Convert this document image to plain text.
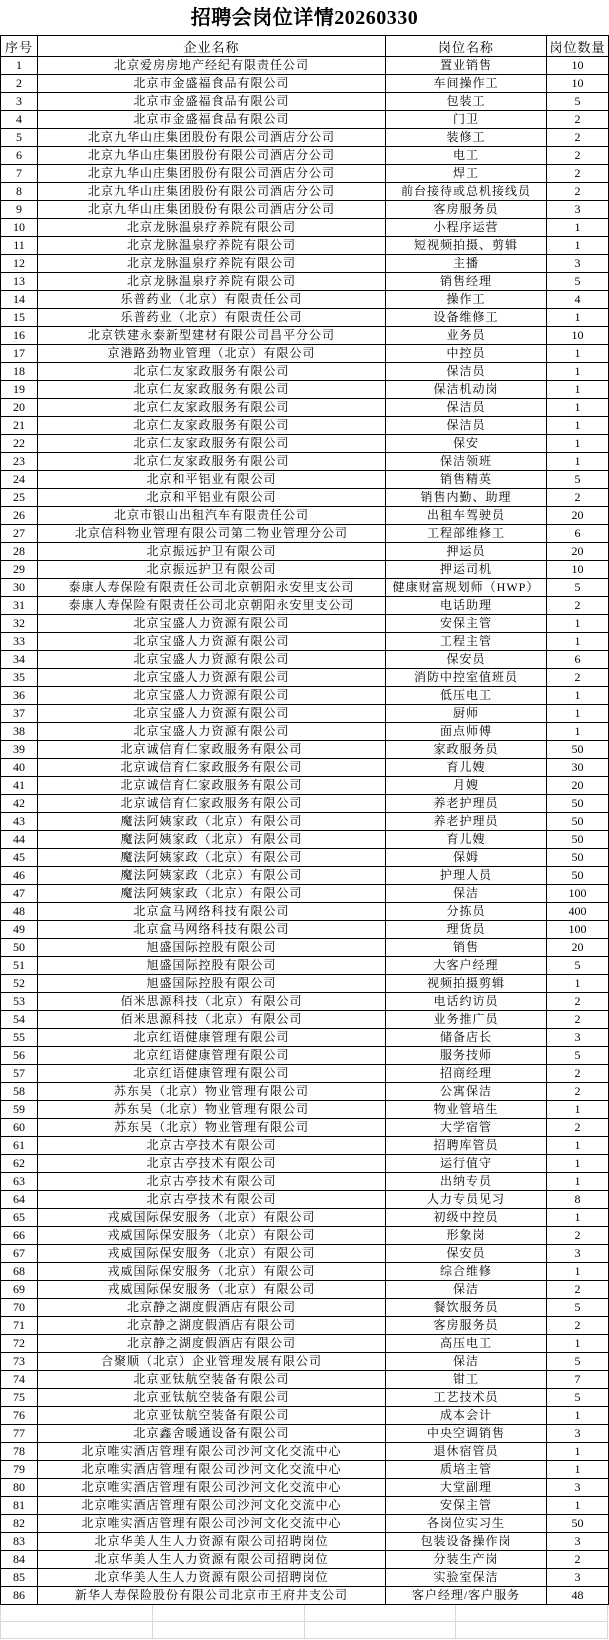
招聘会岗位详情20260330
序号	企业名称	岗位名称	岗位数量
1	北京爱房房地产经纪有限责任公司	置业销售	10
2	北京市金盛福食品有限公司	车间操作工	10
3	北京市金盛福食品有限公司	包装工	5
4	北京市金盛福食品有限公司	门卫	2
5	北京九华山庄集团股份有限公司酒店分公司	装修工	2
6	北京九华山庄集团股份有限公司酒店分公司	电工	2
7	北京九华山庄集团股份有限公司酒店分公司	焊工	2
8	北京九华山庄集团股份有限公司酒店分公司	前台接待或总机接线员	2
9	北京九华山庄集团股份有限公司酒店分公司	客房服务员	3
10	北京龙脉温泉疗养院有限公司	小程序运营	1
11	北京龙脉温泉疗养院有限公司	短视频拍摄、剪辑	1
12	北京龙脉温泉疗养院有限公司	主播	3
13	北京龙脉温泉疗养院有限公司	销售经理	5
14	乐普药业（北京）有限责任公司	操作工	4
15	乐普药业（北京）有限责任公司	设备维修工	1
16	北京铁建永泰新型建材有限公司昌平分公司	业务员	10
17	京港路劲物业管理（北京）有限公司	中控员	1
18	北京仁友家政服务有限公司	保洁员	1
19	北京仁友家政服务有限公司	保洁机动岗	1
20	北京仁友家政服务有限公司	保洁员	1
21	北京仁友家政服务有限公司	保洁员	1
22	北京仁友家政服务有限公司	保安	1
23	北京仁友家政服务有限公司	保洁领班	1
24	北京和平铝业有限公司	销售精英	5
25	北京和平铝业有限公司	销售内勤、助理	2
26	北京市银山出租汽车有限责任公司	出租车驾驶员	20
27	北京信科物业管理有限公司第二物业管理分公司	工程部维修工	6
28	北京振远护卫有限公司	押运员	20
29	北京振远护卫有限公司	押运司机	10
30	泰康人寿保险有限责任公司北京朝阳永安里支公司	健康财富规划师（HWP）	5
31	泰康人寿保险有限责任公司北京朝阳永安里支公司	电话助理	2
32	北京宝盛人力资源有限公司	安保主管	1
33	北京宝盛人力资源有限公司	工程主管	1
34	北京宝盛人力资源有限公司	保安员	6
35	北京宝盛人力资源有限公司	消防中控室值班员	2
36	北京宝盛人力资源有限公司	低压电工	1
37	北京宝盛人力资源有限公司	厨师	1
38	北京宝盛人力资源有限公司	面点师傅	1
39	北京诚信育仁家政服务有限公司	家政服务员	50
40	北京诚信育仁家政服务有限公司	育儿嫂	30
41	北京诚信育仁家政服务有限公司	月嫂	20
42	北京诚信育仁家政服务有限公司	养老护理员	50
43	魔法阿姨家政（北京）有限公司	养老护理员	50
44	魔法阿姨家政（北京）有限公司	育儿嫂	50
45	魔法阿姨家政（北京）有限公司	保姆	50
46	魔法阿姨家政（北京）有限公司	护理人员	50
47	魔法阿姨家政（北京）有限公司	保洁	100
48	北京盒马网络科技有限公司	分拣员	400
49	北京盒马网络科技有限公司	理货员	100
50	旭盛国际控股有限公司	销售	20
51	旭盛国际控股有限公司	大客户经理	5
52	旭盛国际控股有限公司	视频拍摄剪辑	1
53	佰米思源科技（北京）有限公司	电话约访员	2
54	佰米思源科技（北京）有限公司	业务推广员	2
55	北京红语健康管理有限公司	储备店长	3
56	北京红语健康管理有限公司	服务技师	5
57	北京红语健康管理有限公司	招商经理	2
58	苏东吴（北京）物业管理有限公司	公寓保洁	2
59	苏东吴（北京）物业管理有限公司	物业管培生	1
60	苏东吴（北京）物业管理有限公司	大学宿管	2
61	北京古亭技术有限公司	招聘库管员	1
62	北京古亭技术有限公司	运行值守	1
63	北京古亭技术有限公司	出纳专员	1
64	北京古亭技术有限公司	人力专员见习	8
65	戎威国际保安服务（北京）有限公司	初级中控员	1
66	戎威国际保安服务（北京）有限公司	形象岗	2
67	戎威国际保安服务（北京）有限公司	保安员	3
68	戎威国际保安服务（北京）有限公司	综合维修	1
69	戎威国际保安服务（北京）有限公司	保洁	2
70	北京静之湖度假酒店有限公司	餐饮服务员	5
71	北京静之湖度假酒店有限公司	客房服务员	2
72	北京静之湖度假酒店有限公司	高压电工	1
73	合聚顺（北京）企业管理发展有限公司	保洁	5
74	北京亚钛航空装备有限公司	钳工	7
75	北京亚钛航空装备有限公司	工艺技术员	5
76	北京亚钛航空装备有限公司	成本会计	1
77	北京鑫舍暖通设备有限公司	中央空调销售	3
78	北京唯实酒店管理有限公司沙河文化交流中心	退休宿管员	1
79	北京唯实酒店管理有限公司沙河文化交流中心	质培主管	1
80	北京唯实酒店管理有限公司沙河文化交流中心	大堂副理	3
81	北京唯实酒店管理有限公司沙河文化交流中心	安保主管	1
82	北京唯实酒店管理有限公司沙河文化交流中心	各岗位实习生	50
83	北京华美人生人力资源有限公司招聘岗位	包装设备操作岗	3
84	北京华美人生人力资源有限公司招聘岗位	分装生产岗	2
85	北京华美人生人力资源有限公司招聘岗位	实验室保洁	3
86	新华人寿保险股份有限公司北京市王府井支公司	客户经理/客户服务	48
